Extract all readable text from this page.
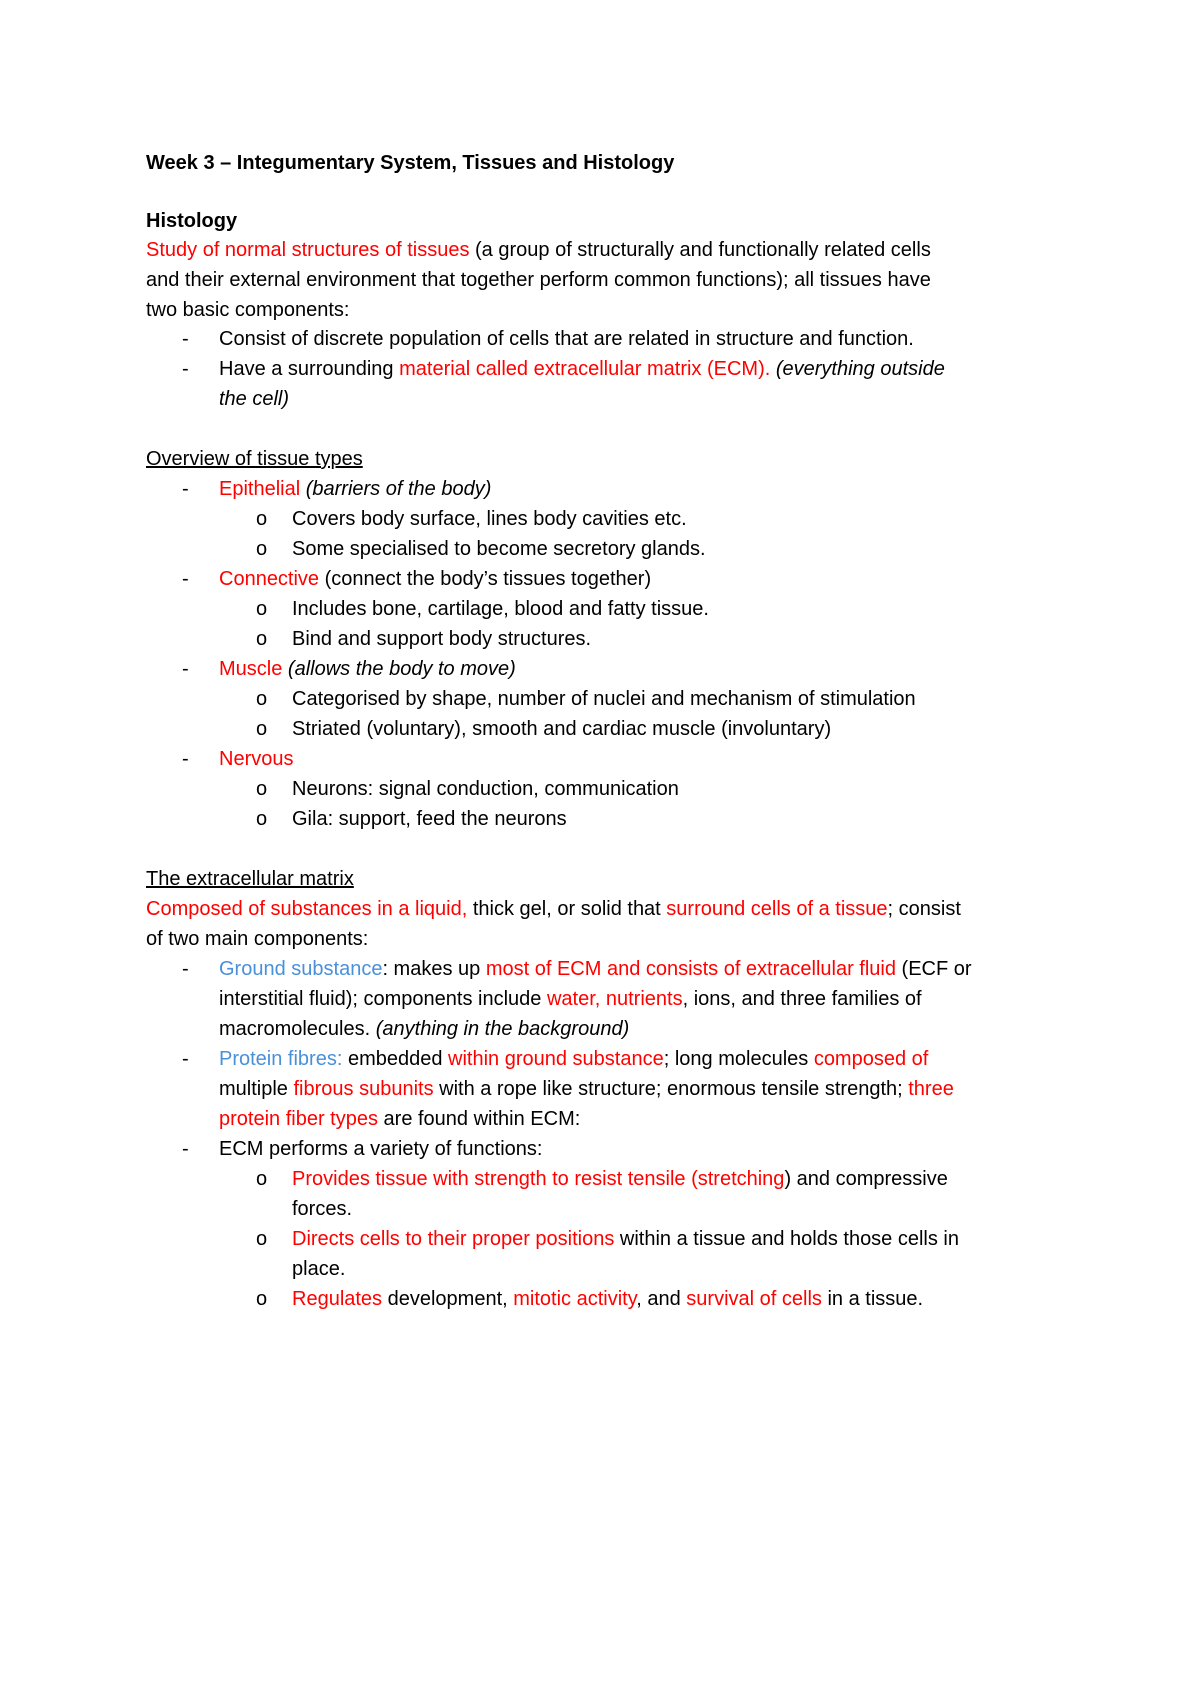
Week 3 – Integumentary System, Tissues and Histology
Histology
Study of normal structures of tissues (a group of structurally and functionally related cells
and their external environment that together perform common functions); all tissues have
two basic components:
-	Consist of discrete population of cells that are related in structure and function.
-	Have a surrounding material called extracellular matrix (ECM). (everything outside
the cell)
Overview of tissue types
-	Epithelial (barriers of the body)
o	Covers body surface, lines body cavities etc.
o	Some specialised to become secretory glands.
-	Connective (connect the body’s tissues together)
o	Includes bone, cartilage, blood and fatty tissue.
o	Bind and support body structures.
-	Muscle (allows the body to move)
o	Categorised by shape, number of nuclei and mechanism of stimulation
o	Striated (voluntary), smooth and cardiac muscle (involuntary)
-	Nervous
o	Neurons: signal conduction, communication
o	Gila: support, feed the neurons
The extracellular matrix
Composed of substances in a liquid, thick gel, or solid that surround cells of a tissue; consist
of two main components:
-	Ground substance: makes up most of ECM and consists of extracellular fluid (ECF or
interstitial fluid); components include water, nutrients, ions, and three families of
macromolecules. (anything in the background)
-	Protein fibres: embedded within ground substance; long molecules composed of
multiple fibrous subunits with a rope like structure; enormous tensile strength; three
protein fiber types are found within ECM:
-	ECM performs a variety of functions:
o	Provides tissue with strength to resist tensile (stretching) and compressive
forces.
o	Directs cells to their proper positions within a tissue and holds those cells in
place.
o	Regulates development, mitotic activity, and survival of cells in a tissue.
